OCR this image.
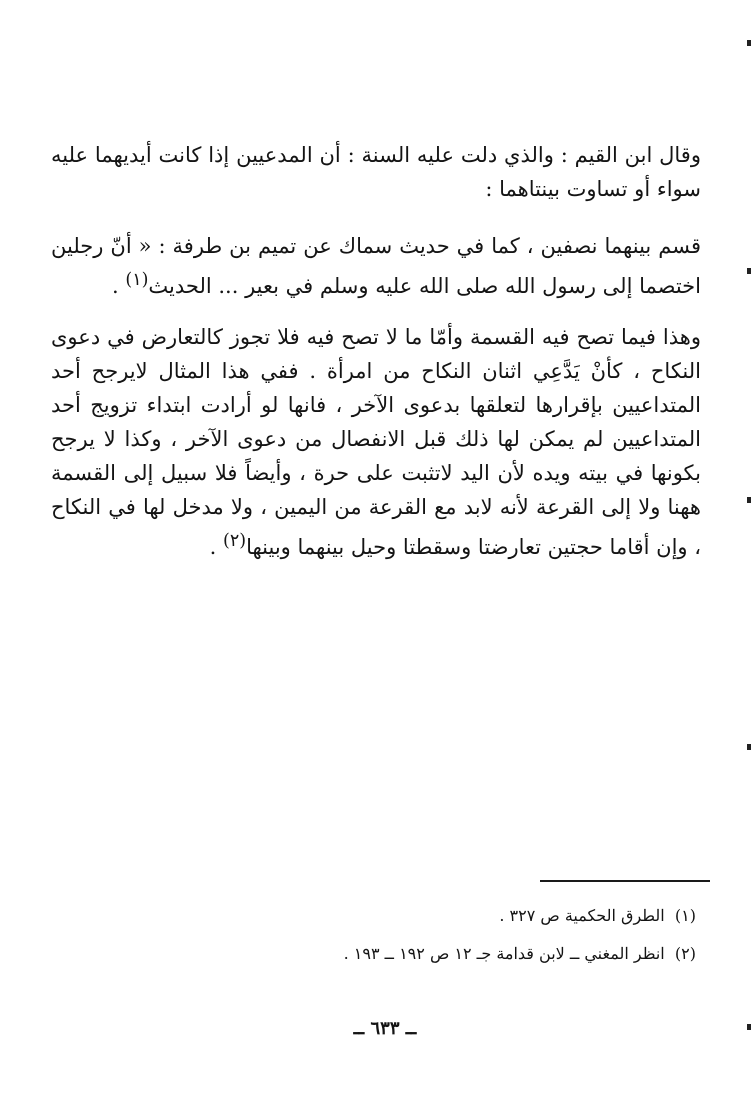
وقال ابن القيم : والذي دلت عليه السنة : أن المدعيين إذا كانت أيديهما عليه سواء أو تساوت بينتاهما :

قسم بينهما نصفين ، كما في حديث سماك عن تميم بن طرفة : « أنّ رجلين اختصما إلى رسول الله صلى الله عليه وسلم في بعير ... الحديث$^{(١)}$ .

وهذا فيما تصح فيه القسمة وأمّا ما لا تصح فيه فلا تجوز كالتعارض في دعوى النكاح ، كأنْ يَدَّعِي اثنان النكاح من امرأة . ففي هذا المثال لايرجح أحد المتداعيين بإقرارها لتعلقها بدعوى الآخر ، فانها لو أرادت ابتداء تزويج أحد المتداعيين لم يمكن لها ذلك قبل الانفصال من دعوى الآخر ، وكذا لا يرجح بكونها في بيته ويده لأن اليد لاتثبت على حرة ، وأيضاً فلا سبيل إلى القسمة ههنا ولا إلى القرعة لأنه لابد مع القرعة من اليمين ، ولا مدخل لها في النكاح ، وإن أقاما حجتين تعارضتا وسقطتا وحيل بينهما وبينها$^{(٢)}$ .

(١)  الطرق الحكمية ص ٣٢٧ .

(٢)  انظر المغني ــ لابن قدامة جـ ١٢ ص ١٩٢ ــ ١٩٣ .

ــ ٦٣٣ ــ
